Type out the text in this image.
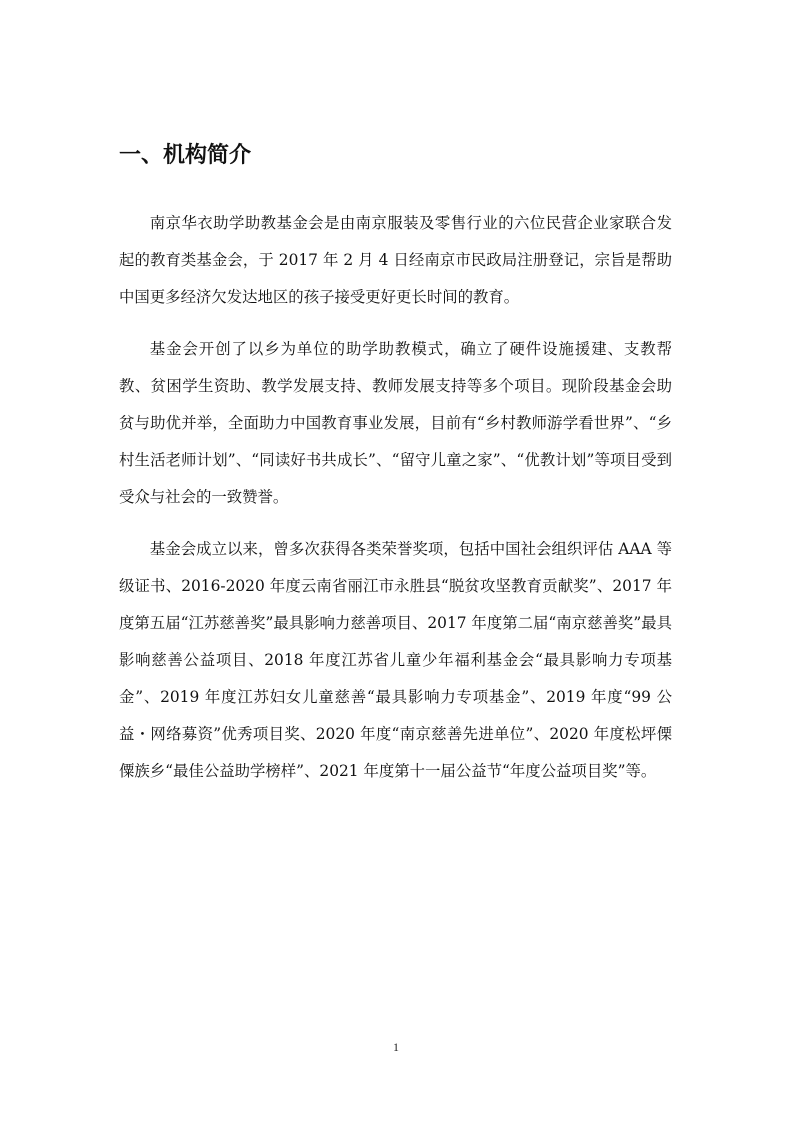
一、机构简介

南京华衣助学助教基金会是由南京服装及零售行业的六位民营企业家联合发起的教育类基金会，于 2017 年 2 月 4 日经南京市民政局注册登记，宗旨是帮助中国更多经济欠发达地区的孩子接受更好更长时间的教育。

基金会开创了以乡为单位的助学助教模式，确立了硬件设施援建、支教帮教、贫困学生资助、教学发展支持、教师发展支持等多个项目。现阶段基金会助贫与助优并举，全面助力中国教育事业发展，目前有“乡村教师游学看世界”、“乡村生活老师计划”、“同读好书共成长”、“留守儿童之家”、“优教计划”等项目受到受众与社会的一致赞誉。

基金会成立以来，曾多次获得各类荣誉奖项，包括中国社会组织评估 AAA 等级证书、2016-2020 年度云南省丽江市永胜县“脱贫攻坚教育贡献奖”、2017 年度第五届“江苏慈善奖”最具影响力慈善项目、2017 年度第二届“南京慈善奖”最具影响慈善公益项目、2018 年度江苏省儿童少年福利基金会“最具影响力专项基金”、2019 年度江苏妇女儿童慈善“最具影响力专项基金”、2019 年度“99 公益・网络募资”优秀项目奖、2020 年度“南京慈善先进单位”、2020 年度松坪傈僳族乡“最佳公益助学榜样”、2021 年度第十一届公益节“年度公益项目奖”等。

1
